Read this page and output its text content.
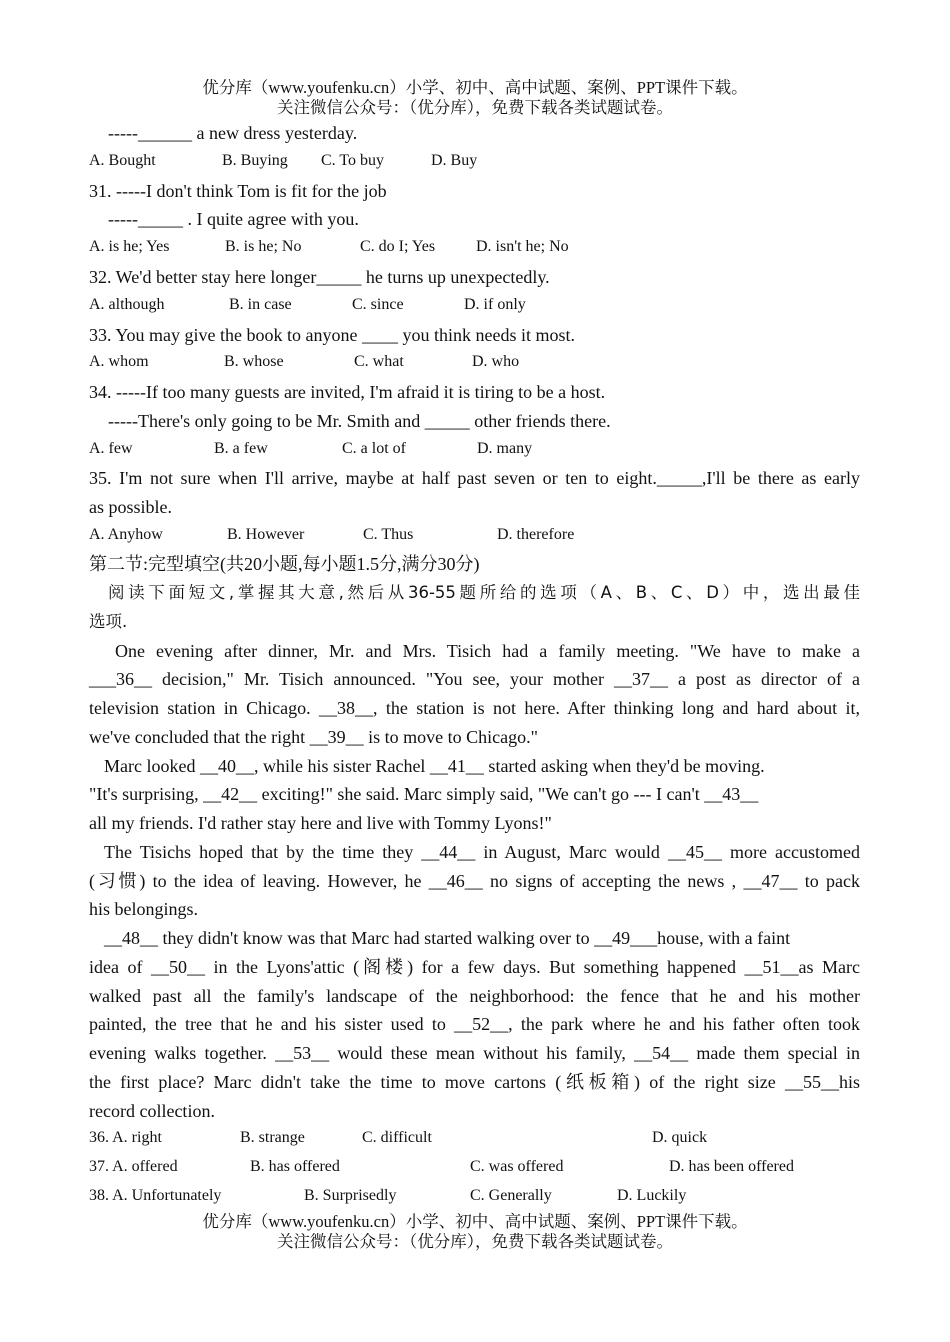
优分库（www.youfenku.cn）小学、初中、高中试题、案例、PPT课件下载。
关注微信公众号：（优分库），免费下载各类试题试卷。
-----______ a new dress yesterday.
A. Bought	B. Buying C. To buy	D. Buy
31. -----I don't think Tom is fit for the job
-----_____ . I quite agree with you.
A. is he; Yes	B. is he; No	C. do I; Yes	D. isn't he; No
32. We'd better stay here longer_____ he turns up unexpectedly.
A. although	B. in case	C. since	D. if only
33. You may give the book to anyone ____ you think needs it most.
A. whom	B. whose	C. what	D. who
34. -----If too many guests are invited, I'm afraid it is tiring to be a host.
-----There's only going to be Mr. Smith and _____ other friends there.
A. few	B. a few	C. a lot of	D. many
35. I'm not sure when I'll arrive, maybe at half past seven or ten to eight._____,I'll be there as early
as possible.
A. Anyhow	B. However	C. Thus	D. therefore
第二节:完型填空(共20小题,每小题1.5分,满分30分)
阅读下面短文,掌握其大意,然后从36-55题所给的选项（A、B、C、D）中，选出最佳
选项.
One evening after dinner, Mr. and Mrs. Tisich had a family meeting. "We have to make a
___36__ decision," Mr. Tisich announced. "You see, your mother __37__ a post as director of a
television station in Chicago. __38__, the station is not here. After thinking long and hard about it,
we've concluded that the right __39__ is to move to Chicago."
Marc looked __40__, while his sister Rachel __41__ started asking when they'd be moving.
"It's surprising, __42__ exciting!" she said. Marc simply said, "We can't go --- I can't __43__
all my friends. I'd rather stay here and live with Tommy Lyons!"
The Tisichs hoped that by the time they __44__ in August, Marc would __45__ more accustomed
(习惯) to the idea of leaving. However, he __46__ no signs of accepting the news , __47__ to pack
his belongings.
__48__ they didn't know was that Marc had started walking over to __49___house, with a faint
idea of __50__ in the Lyons'attic (阁楼) for a few days. But something happened __51__as Marc
walked past all the family's landscape of the neighborhood: the fence that he and his mother
painted, the tree that he and his sister used to __52__, the park where he and his father often took
evening walks together. __53__ would these mean without his family, __54__ made them special in
the first place? Marc didn't take the time to move cartons (纸板箱) of the right size __55__his
record collection.
36. A. right	B. strange	C. difficult	D. quick
37. A. offered	B. has offered	C. was offered	D. has been offered
38. A. Unfortunately	B. Surprisedly	C. Generally	D. Luckily
优分库（www.youfenku.cn）小学、初中、高中试题、案例、PPT课件下载。
关注微信公众号：（优分库），免费下载各类试题试卷。
